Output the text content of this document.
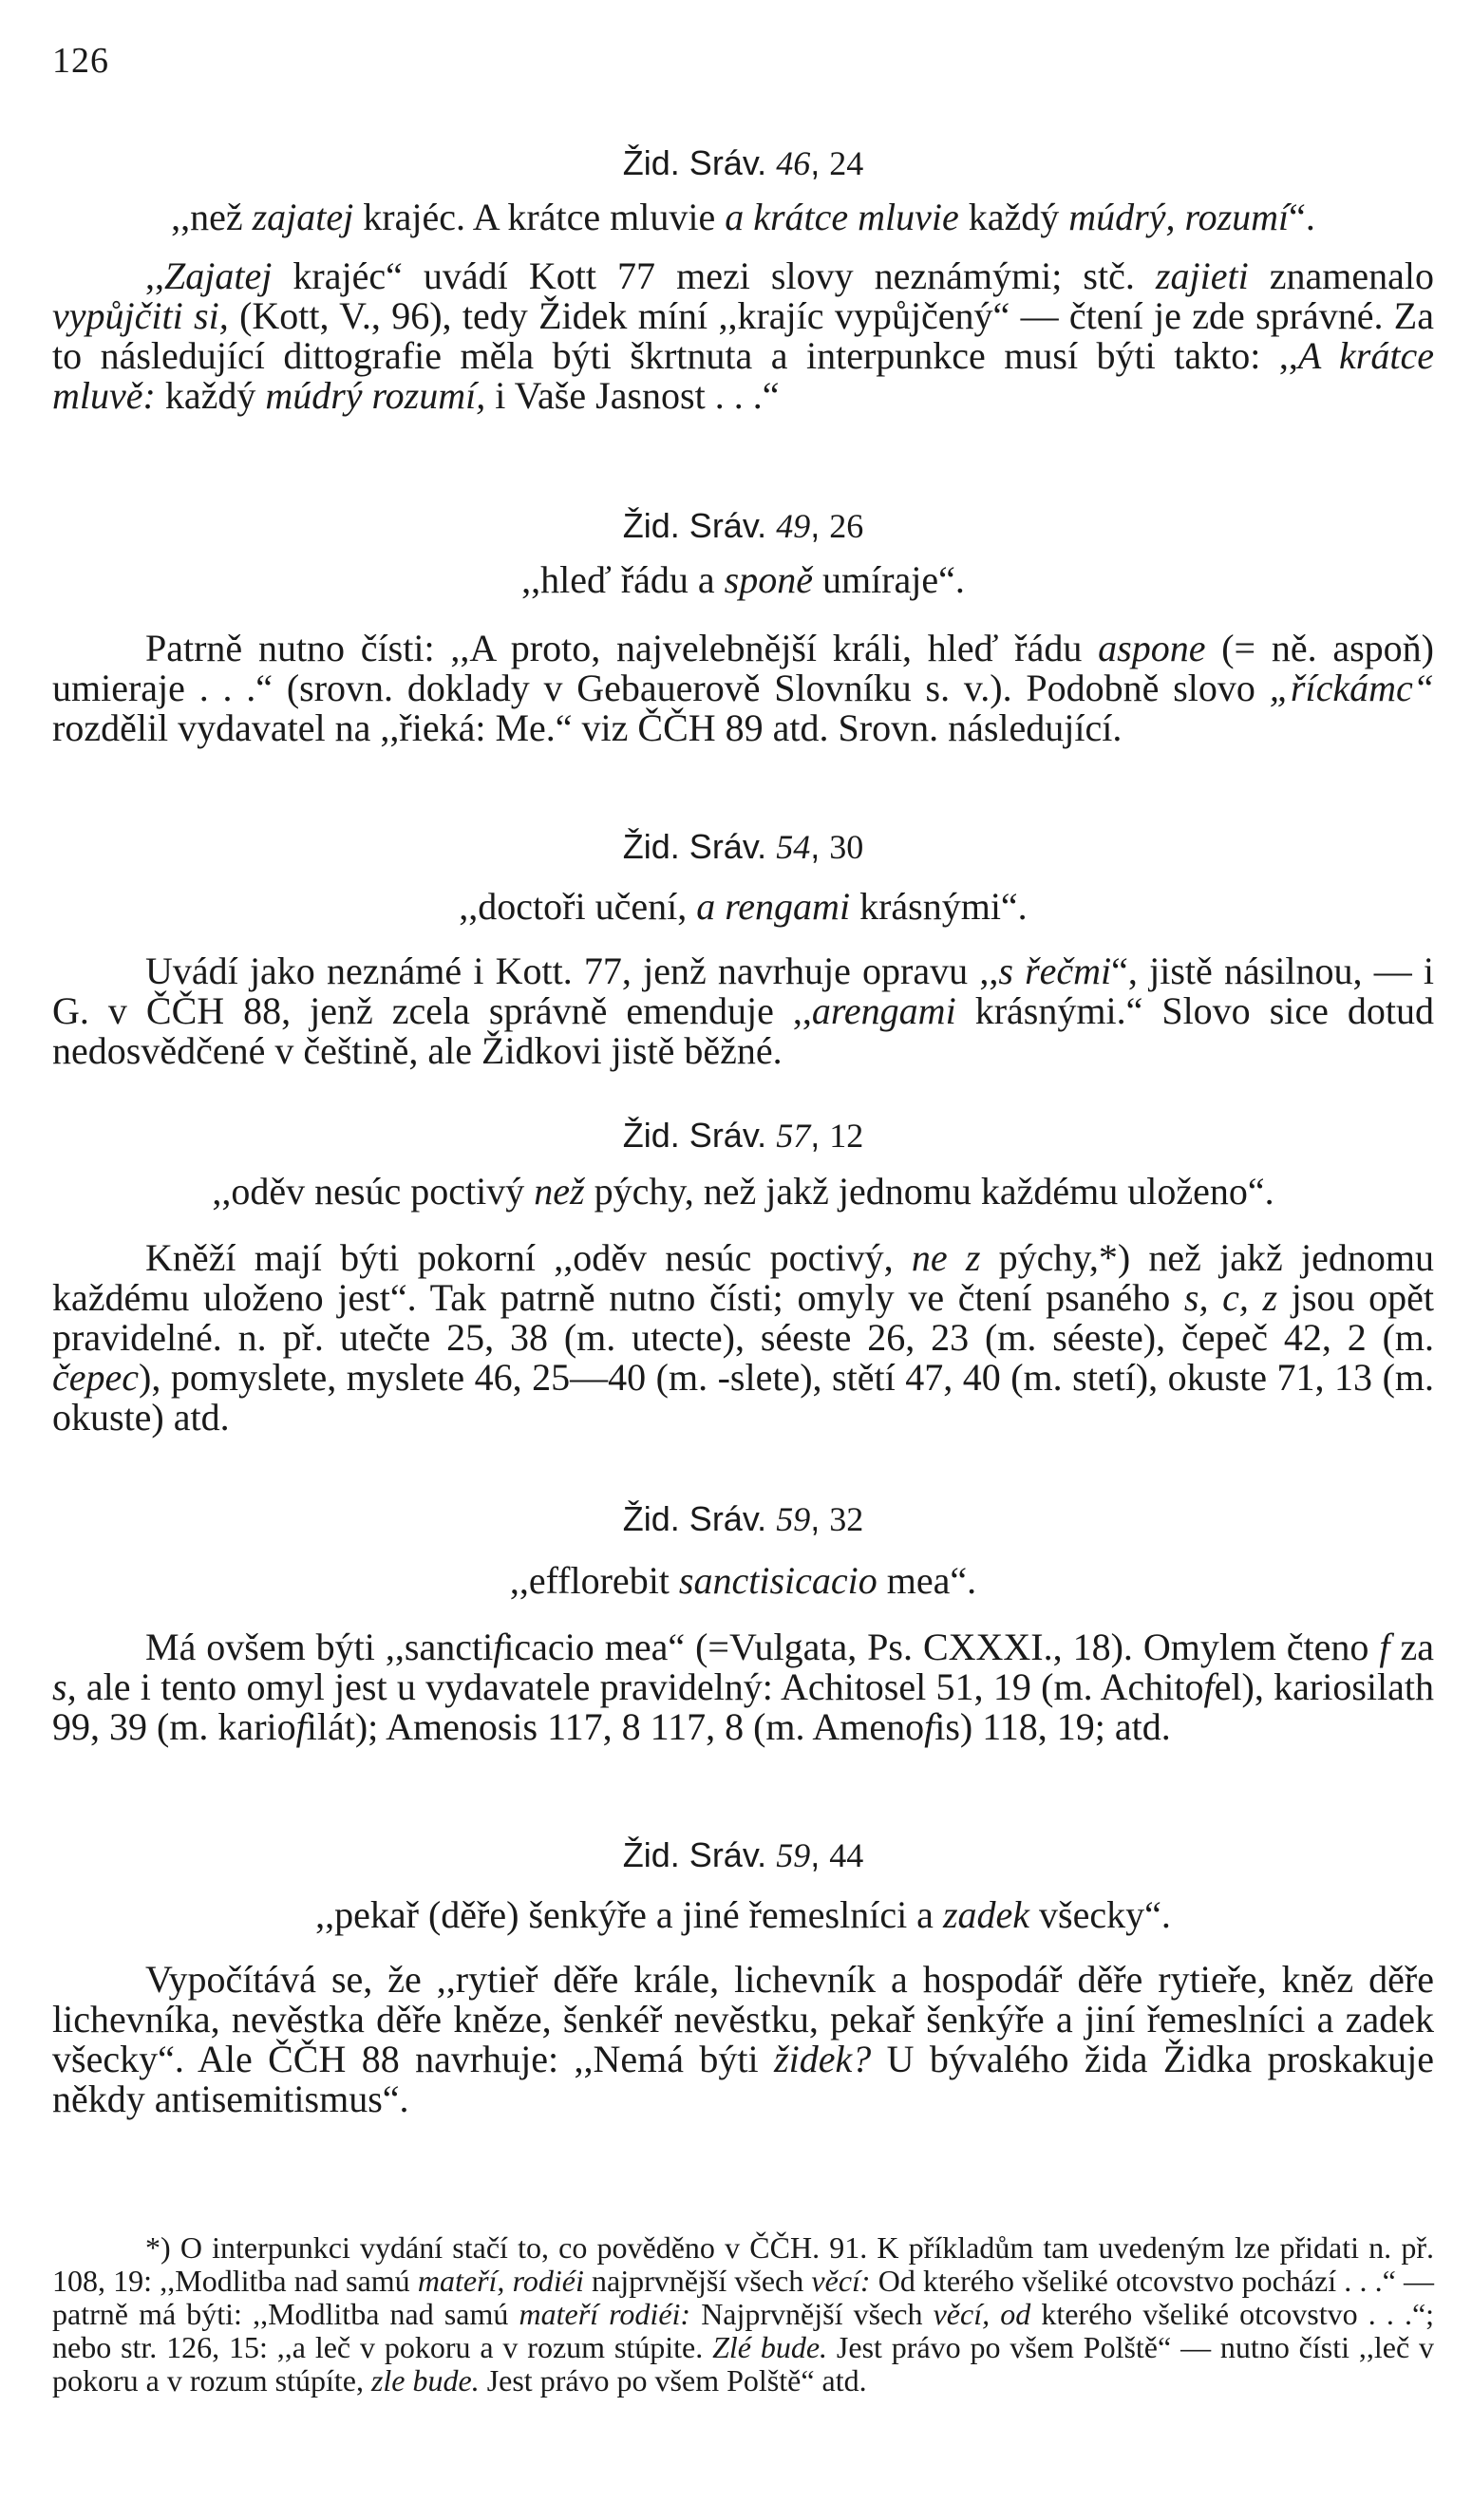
126

Žid. Sráv. 46, 24

,,než zajatej krajéc. A krátce mluvie a krátce mluvie každý múdrý, rozumí“.

,,Zajatej krajéc“ uvádí Kott 77 mezi slovy neznámými; stč. zajieti znamenalo vypůjčiti si, (Kott, V., 96), tedy Židek míní ,,krajíc vypůjčený“ — čtení je zde správné. Za to následující dittografie měla býti škrtnuta a interpunkce musí býti takto: ,,A krátce mluvě: každý múdrý rozumí, i Vaše Jasnost . . .“

Žid. Sráv. 49, 26

,,hleď řádu a sponě umíraje“.

Patrně nutno čísti: ,,A proto, najvelebnější králi, hleď řádu aspone (= ně. aspoň) umieraje . . .“ (srovn. doklady v Gebauerově Slovníku s. v.). Podobně slovo „říckámc“ rozdělil vydavatel na ,,řieká: Me.“ viz ČČH 89 atd. Srovn. následující.

Žid. Sráv. 54, 30

,,doctoři učení, a rengami krásnými“.

Uvádí jako neznámé i Kott. 77, jenž navrhuje opravu ,,s řečmi“, jistě násilnou, — i G. v ČČH 88, jenž zcela správně emenduje ,,arengami krásnými.“ Slovo sice dotud nedosvědčené v češtině, ale Židkovi jistě běžné.

Žid. Sráv. 57, 12

,,oděv nesúc poctivý než pýchy, než jakž jednomu každému uloženo“.

Kněží mají býti pokorní ,,oděv nesúc poctivý, ne z pýchy,*) než jakž jednomu každému uloženo jest“. Tak patrně nutno čísti; omyly ve čtení psaného s, c, z jsou opět pravidelné. n. př. utečte 25, 38 (m. utecte), séeste 26, 23 (m. séeste), čepeč 42, 2 (m. čepec), pomyslete, myslete 46, 25—40 (m. -slete), stětí 47, 40 (m. stetí), okuste 71, 13 (m. okuste) atd.

Žid. Sráv. 59, 32

,,efflorebit sanctisicacio mea“.

Má ovšem býti ,,sanctificacio mea“ (=Vulgata, Ps. CXXXI., 18). Omylem čteno f za s, ale i tento omyl jest u vydavatele pravidelný: Achitosel 51, 19 (m. Achitofel), kariosilath 99, 39 (m. kariofilát); Amenosis 117, 8 117, 8 (m. Amenofis) 118, 19; atd.

Žid. Sráv. 59, 44

,,pekař (děře) šenkýře a jiné řemeslníci a zadek všecky“.

Vypočítává se, že ,,rytieř děře krále, lichevník a hospodář děře rytieře, kněz děře lichevníka, nevěstka děře kněze, šenkéř nevěstku, pekař šenkýře a jiní řemeslníci a zadek všecky“. Ale ČČH 88 navrhuje: ,,Nemá býti židek? U bývalého žida Židka proskakuje někdy antisemitismus“.

*) O interpunkci vydání stačí to, co pověděno v ČČH. 91. K příkladům tam uvedeným lze přidati n. př. 108, 19: ,,Modlitba nad samú mateří, rodiéi najprvnější všech věcí: Od kterého všeliké otcovstvo pochází . . .“ — patrně má býti: ,,Modlitba nad samú mateří rodiéi: Najprvnější všech věcí, od kterého všeliké otcovstvo . . .“; nebo str. 126, 15: ,,a leč v pokoru a v rozum stúpite. Zlé bude. Jest právo po všem Polště“ — nutno čísti ,,leč v pokoru a v rozum stúpíte, zle bude. Jest právo po všem Polště“ atd.
